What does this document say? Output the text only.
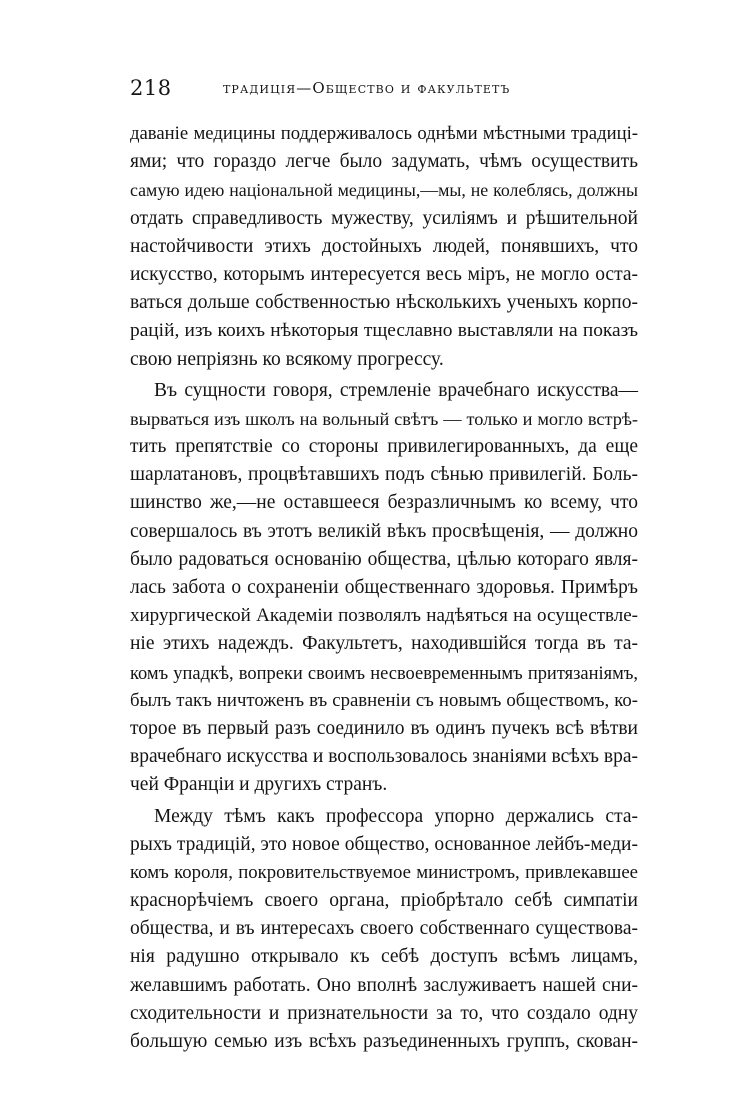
218	традиція—Общество и факультетъ

даваніе медицины поддерживалось однѣми мѣстными традиці-
ями; что гораздо легче было задумать, чѣмъ осуществить
самую идею національной медицины,—мы, не колеблясь, должны
отдать справедливость мужеству, усиліямъ и рѣшительной
настойчивости этихъ достойныхъ людей, понявшихъ, что
искусство, которымъ интересуется весь міръ, не могло оста-
ваться дольше собственностью нѣсколькихъ ученыхъ корпо-
рацій, изъ коихъ нѣкоторыя тщеславно выставляли на показъ
свою непріязнь ко всякому прогрессу.

Въ сущности говоря, стремленіе врачебнаго искусства—
вырваться изъ школъ на вольный свѣтъ — только и могло встрѣ-
тить препятствіе со стороны привилегированныхъ, да еще
шарлатановъ, процвѣтавшихъ подъ сѣнью привилегій. Боль-
шинство же,—не оставшееся безразличнымъ ко всему, что
совершалось въ этотъ великій вѣкъ просвѣщенія, — должно
было радоваться основанію общества, цѣлью котораго явля-
лась забота о сохраненіи общественнаго здоровья. Примѣръ
хирургической Академіи позволялъ надѣяться на осуществле-
ніе этихъ надеждъ. Факультетъ, находившійся тогда въ та-
комъ упадкѣ, вопреки своимъ несвоевременнымъ притязаніямъ,
былъ такъ ничтоженъ въ сравненіи съ новымъ обществомъ, ко-
торое въ первый разъ соединило въ одинъ пучекъ всѣ вѣтви
врачебнаго искусства и воспользовалось знаніями всѣхъ вра-
чей Франціи и другихъ странъ.

Между тѣмъ какъ профессора упорно держались ста-
рыхъ традицій, это новое общество, основанное лейбъ-меди-
комъ короля, покровительствуемое министромъ, привлекавшее
краснорѣчіемъ своего органа, пріобрѣтало себѣ симпатіи
общества, и въ интересахъ своего собственнаго существова-
нія радушно открывало къ себѣ доступъ всѣмъ лицамъ,
желавшимъ работать. Оно вполнѣ заслуживаетъ нашей сни-
сходительности и признательности за то, что создало одну
большую семью изъ всѣхъ разъединенныхъ группъ, скован-
